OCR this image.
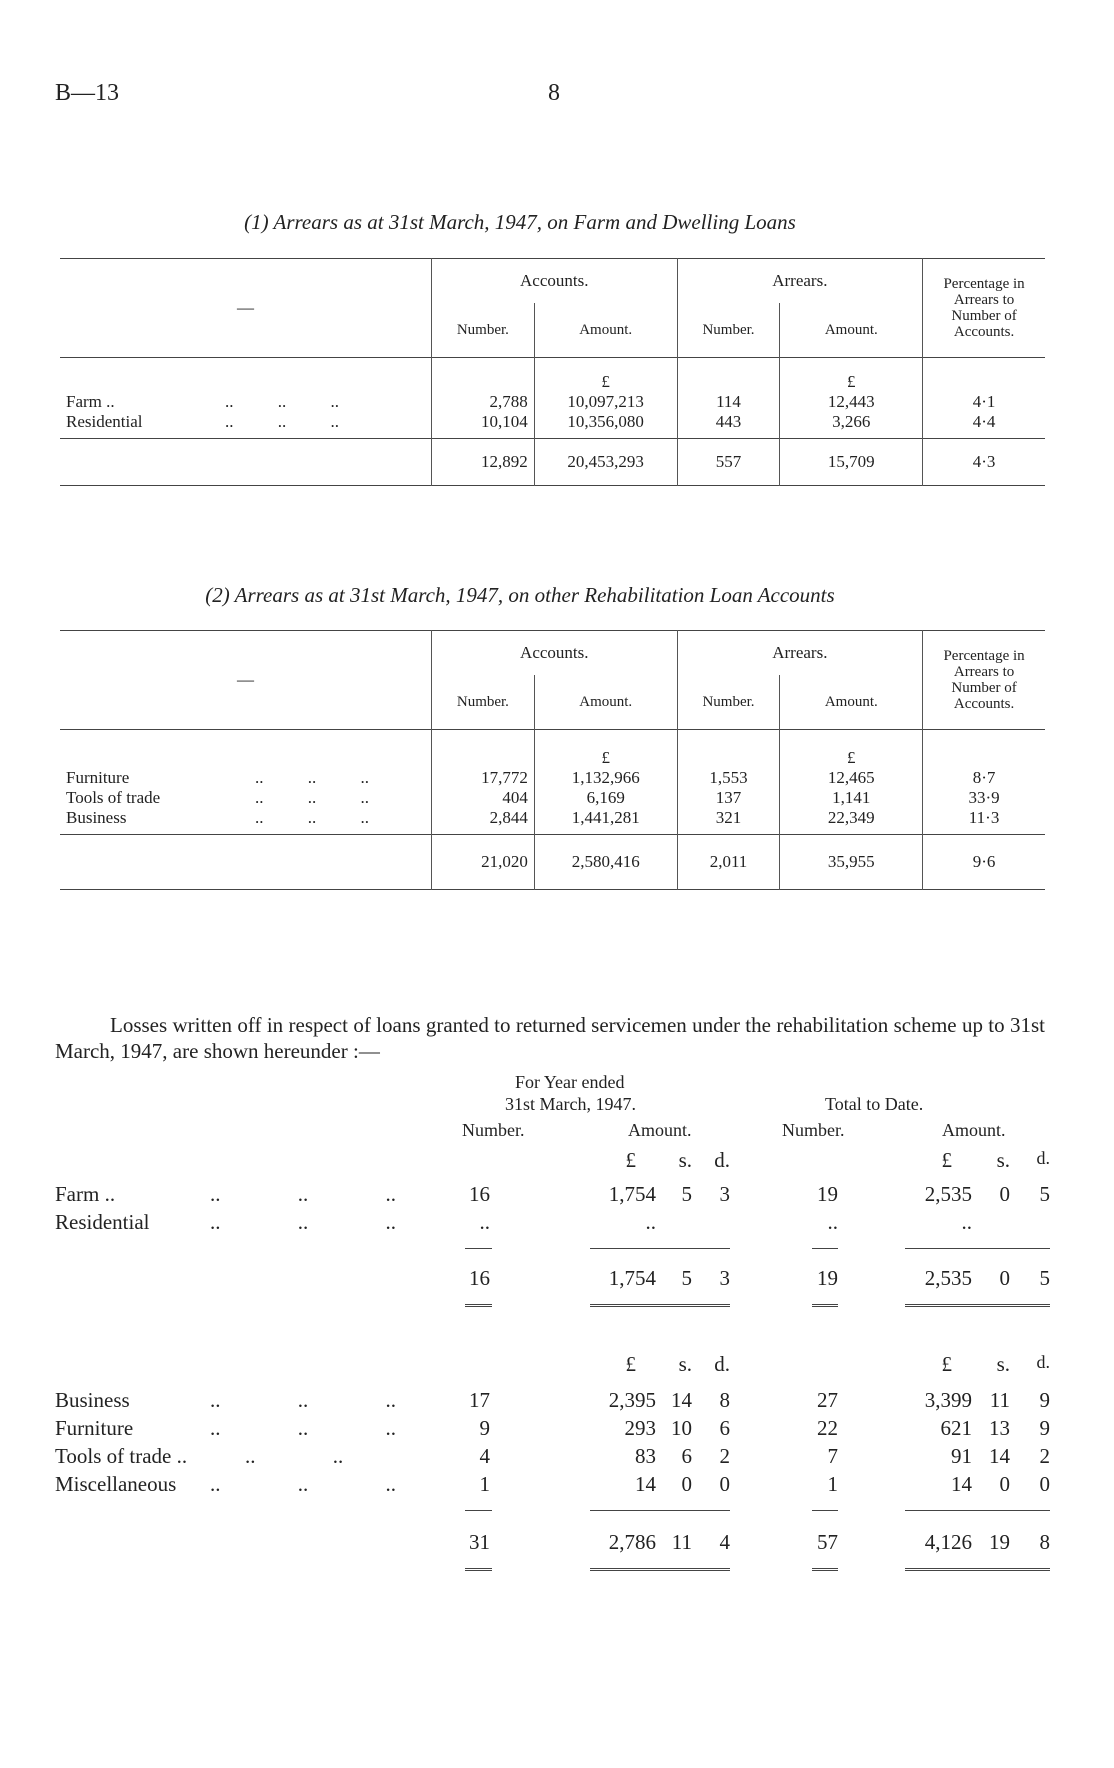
B—13	8
(1) Arrears as at 31st March, 1947, on Farm and Dwelling Loans
—	Accounts.		Arrears.		Percentage in Arrears to Number of Accounts.
	Number.	Amount.	Number.	Amount.	
		£		£	
Farm .. .. .. ..	2,788	10,097,213	114	12,443	4·1
Residential .. .. ..	10,104	10,356,080	443	3,266	4·4
	12,892	20,453,293	557	15,709	4·3
(2) Arrears as at 31st March, 1947, on other Rehabilitation Loan Accounts
—	Accounts.		Arrears.		Percentage in Arrears to Number of Accounts.
	Number.	Amount.	Number.	Amount.	
		£		£	
Furniture .. .. ..	17,772	1,132,966	1,553	12,465	8·7
Tools of trade .. .. ..	404	6,169	137	1,141	33·9
Business .. .. ..	2,844	1,441,281	321	22,349	11·3
	21,020	2,580,416	2,011	35,955	9·6
Losses written off in respect of loans granted to returned servicemen under the rehabilitation scheme up to 31st March, 1947, are shown hereunder :—
For Year ended
31st March, 1947.	Total to Date.
Number.	Amount.	Number.	Amount.
£	s.	d.	£	s.	d.
Farm ..	.. .. ..	16	1,754	5	3	19	2,535	0	5
Residential	.. .. ..	..	..	..	..
16	1,754	5	3	19	2,535	0	5
£	s.	d.	£	s.	d.
Business	.. .. ..	17	2,395 14	8	27	3,399 11	9
Furniture	.. .. ..	9	293 10	6	22	621 13	9
Tools of trade ..	.. ..	4	83	6	2	7	91 14	2
Miscellaneous .. .. ..	1	14	0	0	1	14	0	0
31	2,786 11	4	57	4,126 19	8
